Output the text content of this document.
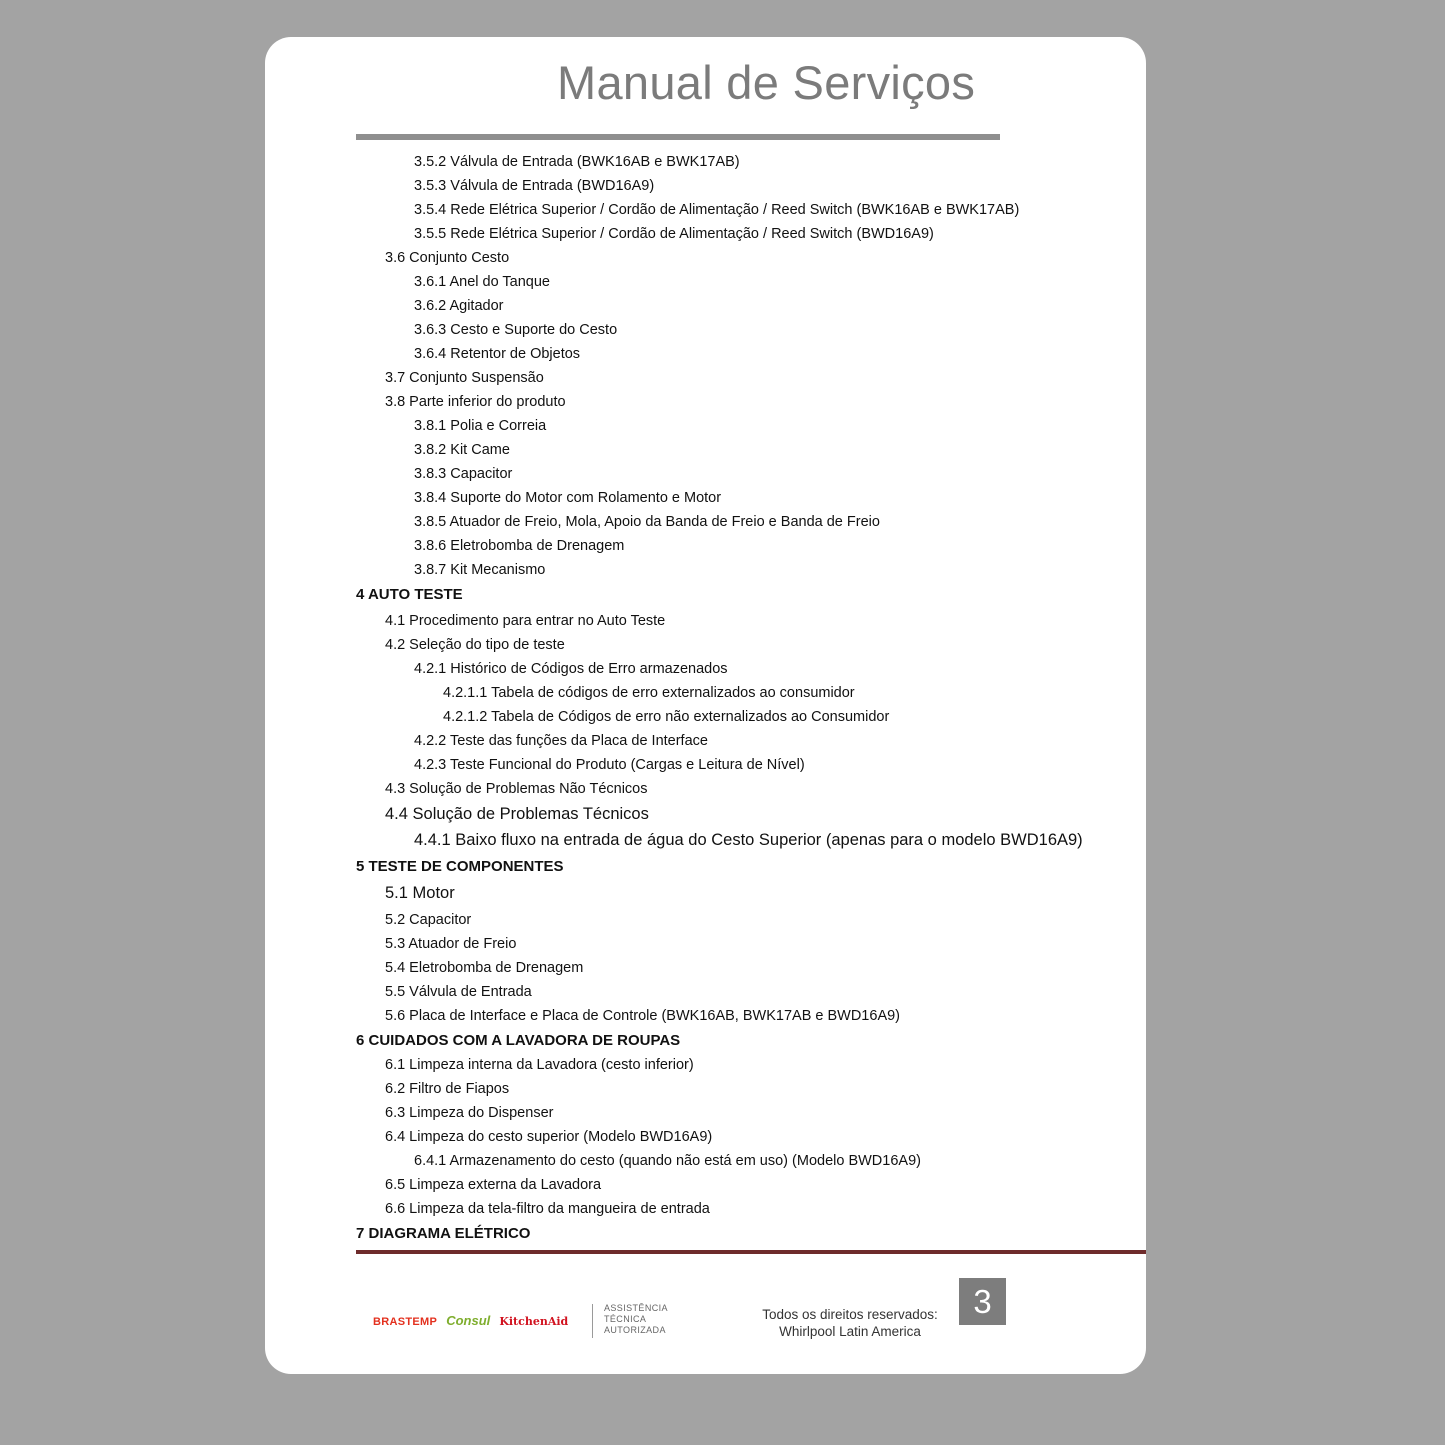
Manual de Serviços
3.5.2 Válvula de Entrada (BWK16AB e BWK17AB)
3.5.3 Válvula de Entrada (BWD16A9)
3.5.4 Rede Elétrica Superior / Cordão de Alimentação / Reed Switch (BWK16AB e BWK17AB)
3.5.5 Rede Elétrica Superior / Cordão de Alimentação / Reed Switch (BWD16A9)
3.6 Conjunto Cesto
3.6.1 Anel do Tanque
3.6.2 Agitador
3.6.3 Cesto e Suporte do Cesto
3.6.4 Retentor de Objetos
3.7 Conjunto Suspensão
3.8 Parte inferior do produto
3.8.1 Polia e Correia
3.8.2 Kit Came
3.8.3 Capacitor
3.8.4 Suporte do Motor com Rolamento e Motor
3.8.5 Atuador de Freio, Mola, Apoio da Banda de Freio e Banda de Freio
3.8.6 Eletrobomba de Drenagem
3.8.7 Kit Mecanismo
4 AUTO TESTE
4.1 Procedimento para entrar no Auto Teste
4.2 Seleção do tipo de teste
4.2.1 Histórico de Códigos de Erro armazenados
4.2.1.1 Tabela de códigos de erro externalizados ao consumidor
4.2.1.2 Tabela de Códigos de erro não externalizados ao Consumidor
4.2.2 Teste das funções da Placa de Interface
4.2.3 Teste Funcional do Produto (Cargas e Leitura de Nível)
4.3 Solução de Problemas Não Técnicos
4.4 Solução de Problemas Técnicos
4.4.1 Baixo fluxo na entrada de água do Cesto Superior (apenas para o modelo BWD16A9)
5 TESTE DE COMPONENTES
5.1 Motor
5.2 Capacitor
5.3 Atuador de Freio
5.4 Eletrobomba de Drenagem
5.5 Válvula de Entrada
5.6 Placa de Interface e Placa de Controle (BWK16AB, BWK17AB e BWD16A9)
6 CUIDADOS COM A LAVADORA DE ROUPAS
6.1 Limpeza interna da Lavadora (cesto inferior)
6.2 Filtro de Fiapos
6.3 Limpeza do Dispenser
6.4 Limpeza do cesto superior (Modelo BWD16A9)
6.4.1 Armazenamento do cesto (quando não está em uso) (Modelo BWD16A9)
6.5 Limpeza externa da Lavadora
6.6 Limpeza da tela-filtro da mangueira de entrada
7 DIAGRAMA ELÉTRICO
BRASTEMP Consul KitchenAid
ASSISTÊNCIA
TÉCNICA
AUTORIZADA
Todos os direitos reservados:
Whirlpool Latin America
3
